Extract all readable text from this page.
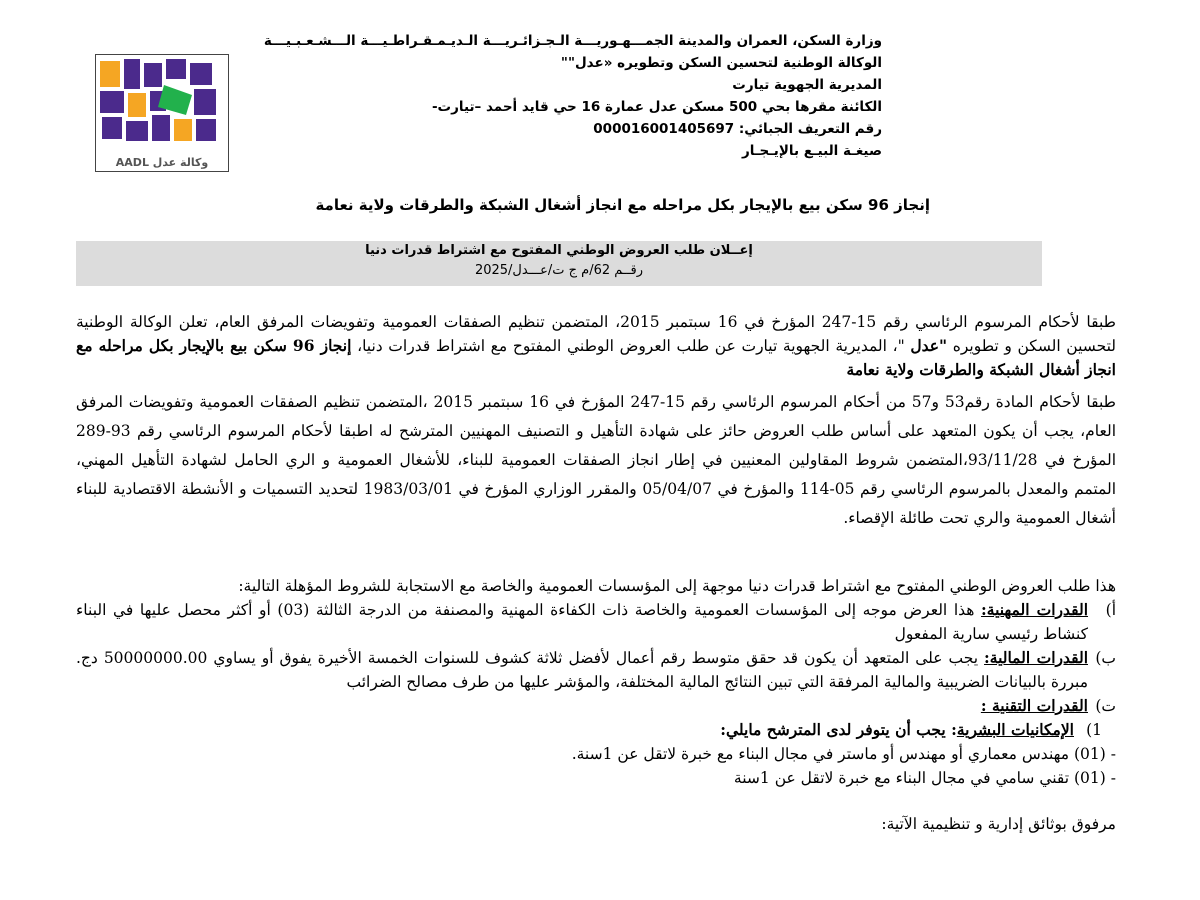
وزارة السكن، العمران والمدينة الجمـــهـوريـــة الـجـزائـريـــة الـديـمـقـراطـيـــة الـــشـعـبـيـــة
الوكالة الوطنية لتحسين السكن وتطويره «عدل""
المديرية الجهوية تيارت
الكائنة مقرها بحي 500 مسكن عدل عمارة 16 حي قايد أحمد –تيارت-
رقم التعريف الجبائي: 000016001405697
صيغـة البيـع بالإيـجـار
وكالة عدل AADL
إنجاز 96 سكن بيع بالإيجار بكل مراحله مع انجاز أشغال الشبكة والطرقات ولاية نعامة
إعــلان طلب العروض الوطني المفتوح مع اشتراط قدرات دنيا
رقــم 62/م ج ت/عـــدل/2025
طبقا لأحكام المرسوم الرئاسي رقم 15-247 المؤرخ في 16 سبتمبر 2015، المتضمن تنظيم الصفقات العمومية وتفويضات المرفق العام، تعلن الوكالة الوطنية لتحسين السكن و تطويره "عدل "، المديرية الجهوية تيارت عن طلب العروض الوطني المفتوح مع اشتراط قدرات دنيا، إنجاز 96 سكن بيع بالإيجار بكل مراحله مع انجاز أشغال الشبكة والطرقات ولاية نعامة
طبقا لأحكام المادة رقم53 و57 من أحكام المرسوم الرئاسي رقم 15-247 المؤرخ في 16 سبتمبر 2015 ،المتضمن تنظيم الصفقات العمومية وتفويضات المرفق العام، يجب أن يكون المتعهد على أساس طلب العروض حائز على شهادة التأهيل و التصنيف المهنيين المترشح له اطبقا لأحكام المرسوم الرئاسي رقم 93-289 المؤرخ في 93/11/28،المتضمن شروط المقاولين المعنيين في إطار انجاز الصفقات العمومية للبناء، للأشغال العمومية و الري الحامل لشهادة التأهيل المهني، المتمم والمعدل بالمرسوم الرئاسي رقم 05-114 والمؤرخ في 05/04/07 والمقرر الوزاري المؤرخ في 1983/03/01 لتحديد التسميات و الأنشطة الاقتصادية للبناء أشغال العمومية والري تحت طائلة الإقصاء.
هذا طلب العروض الوطني المفتوح مع اشتراط قدرات دنيا موجهة إلى المؤسسات العمومية والخاصة مع الاستجابة للشروط المؤهلة التالية:
أ)
القدرات المهنية: هذا العرض موجه إلى المؤسسات العمومية والخاصة ذات الكفاءة المهنية والمصنفة من الدرجة الثالثة (03) أو أكثر محصل عليها في البناء كنشاط رئيسي سارية المفعول
ب)
القدرات المالية: يجب على المتعهد أن يكون قد حقق متوسط رقم أعمال لأفضل ثلاثة كشوف للسنوات الخمسة الأخيرة يفوق أو يساوي 50000000.00 دج. مبررة بالبيانات الضريبية والمالية المرفقة التي تبين النتائج المالية المختلفة، والمؤشر عليها من طرف مصالح الضرائب
ت)
القدرات التقنية :
1)
الإمكانيات البشرية: يجب أن يتوفر لدى المترشح مايلي:
- (01) مهندس معماري أو مهندس أو ماستر في مجال البناء مع خبرة لاتقل عن 1سنة.
- (01) تقني سامي في مجال البناء مع خبرة لاتقل عن 1سنة
مرفوق بوثائق إدارية و تنظيمية الآتية:
